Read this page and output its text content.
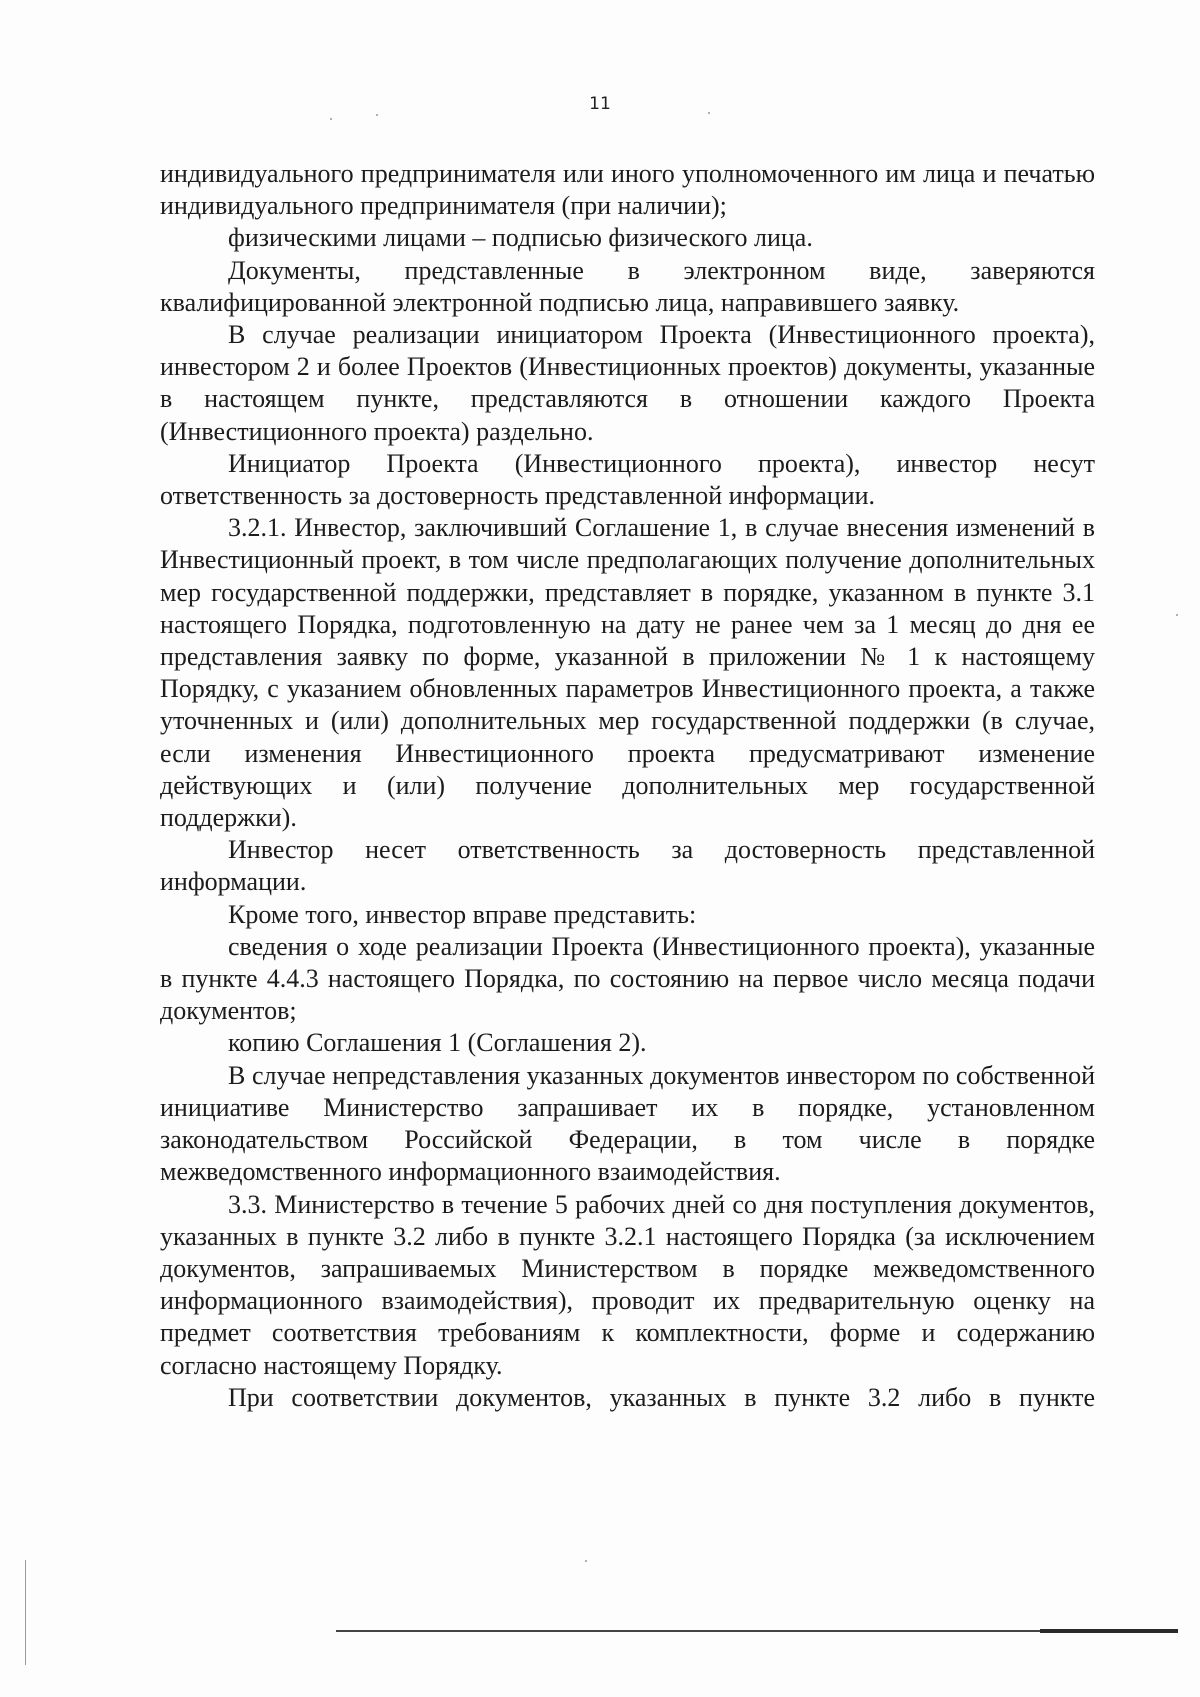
11

индивидуального предпринимателя или иного уполномоченного им лица и печатью индивидуального предпринимателя (при наличии);

физическими лицами – подписью физического лица.

Документы, представленные в электронном виде, заверяются квалифицированной электронной подписью лица, направившего заявку.

В случае реализации инициатором Проекта (Инвестиционного проекта), инвестором 2 и более Проектов (Инвестиционных проектов) документы, указанные в настоящем пункте, представляются в отношении каждого Проекта (Инвестиционного проекта) раздельно.

Инициатор Проекта (Инвестиционного проекта), инвестор несут ответственность за достоверность представленной информации.

3.2.1. Инвестор, заключивший Соглашение 1, в случае внесения изменений в Инвестиционный проект, в том числе предполагающих получение дополнительных мер государственной поддержки, представляет в порядке, указанном в пункте 3.1 настоящего Порядка, подготовленную на дату не ранее чем за 1 месяц до дня ее представления заявку по форме, указанной в приложении № 1 к настоящему Порядку, с указанием обновленных параметров Инвестиционного проекта, а также уточненных и (или) дополнительных мер государственной поддержки (в случае, если изменения Инвестиционного проекта предусматривают изменение действующих и (или) получение дополнительных мер государственной поддержки).

Инвестор несет ответственность за достоверность представленной информации.

Кроме того, инвестор вправе представить:

сведения о ходе реализации Проекта (Инвестиционного проекта), указанные в пункте 4.4.3 настоящего Порядка, по состоянию на первое число месяца подачи документов;

копию Соглашения 1 (Соглашения 2).

В случае непредставления указанных документов инвестором по собственной инициативе Министерство запрашивает их в порядке, установленном законодательством Российской Федерации, в том числе в порядке межведомственного информационного взаимодействия.

3.3. Министерство в течение 5 рабочих дней со дня поступления документов, указанных в пункте 3.2 либо в пункте 3.2.1 настоящего Порядка (за исключением документов, запрашиваемых Министерством в порядке межведомственного информационного взаимодействия), проводит их предварительную оценку на предмет соответствия требованиям к комплектности, форме и содержанию согласно настоящему Порядку.

При соответствии документов, указанных в пункте 3.2 либо в пункте
